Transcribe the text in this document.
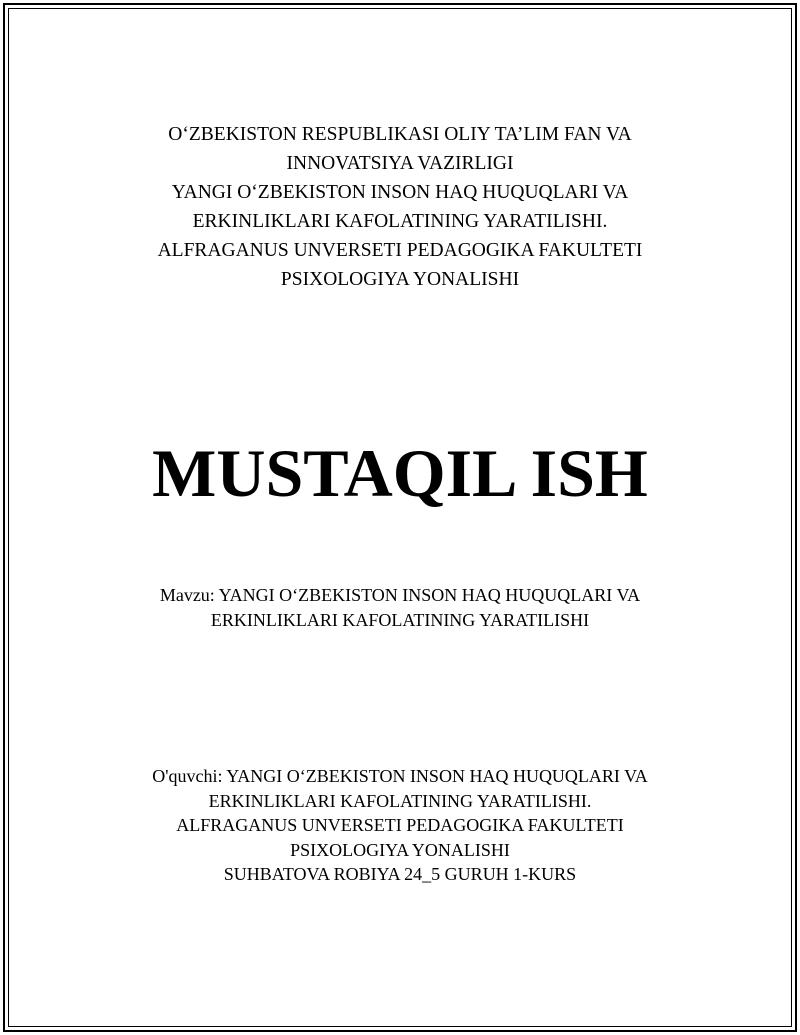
O‘ZBEKISTON RESPUBLIKASI OLIY TA’LIM FAN VA
INNOVATSIYA VAZIRLIGI
YANGI O‘ZBEKISTON INSON HAQ HUQUQLARI VA
ERKINLIKLARI KAFOLATINING YARATILISHI.
ALFRAGANUS UNVERSETI PEDAGOGIKA FAKULTETI
PSIXOLOGIYA YONALISHI
MUSTAQIL ISH
Mavzu: YANGI O‘ZBEKISTON INSON HAQ HUQUQLARI VA
ERKINLIKLARI KAFOLATINING YARATILISHI
O'quvchi: YANGI O‘ZBEKISTON INSON HAQ HUQUQLARI VA
ERKINLIKLARI KAFOLATINING YARATILISHI.
ALFRAGANUS UNVERSETI PEDAGOGIKA FAKULTETI
PSIXOLOGIYA YONALISHI
SUHBATOVA ROBIYA 24_5 GURUH 1-KURS
